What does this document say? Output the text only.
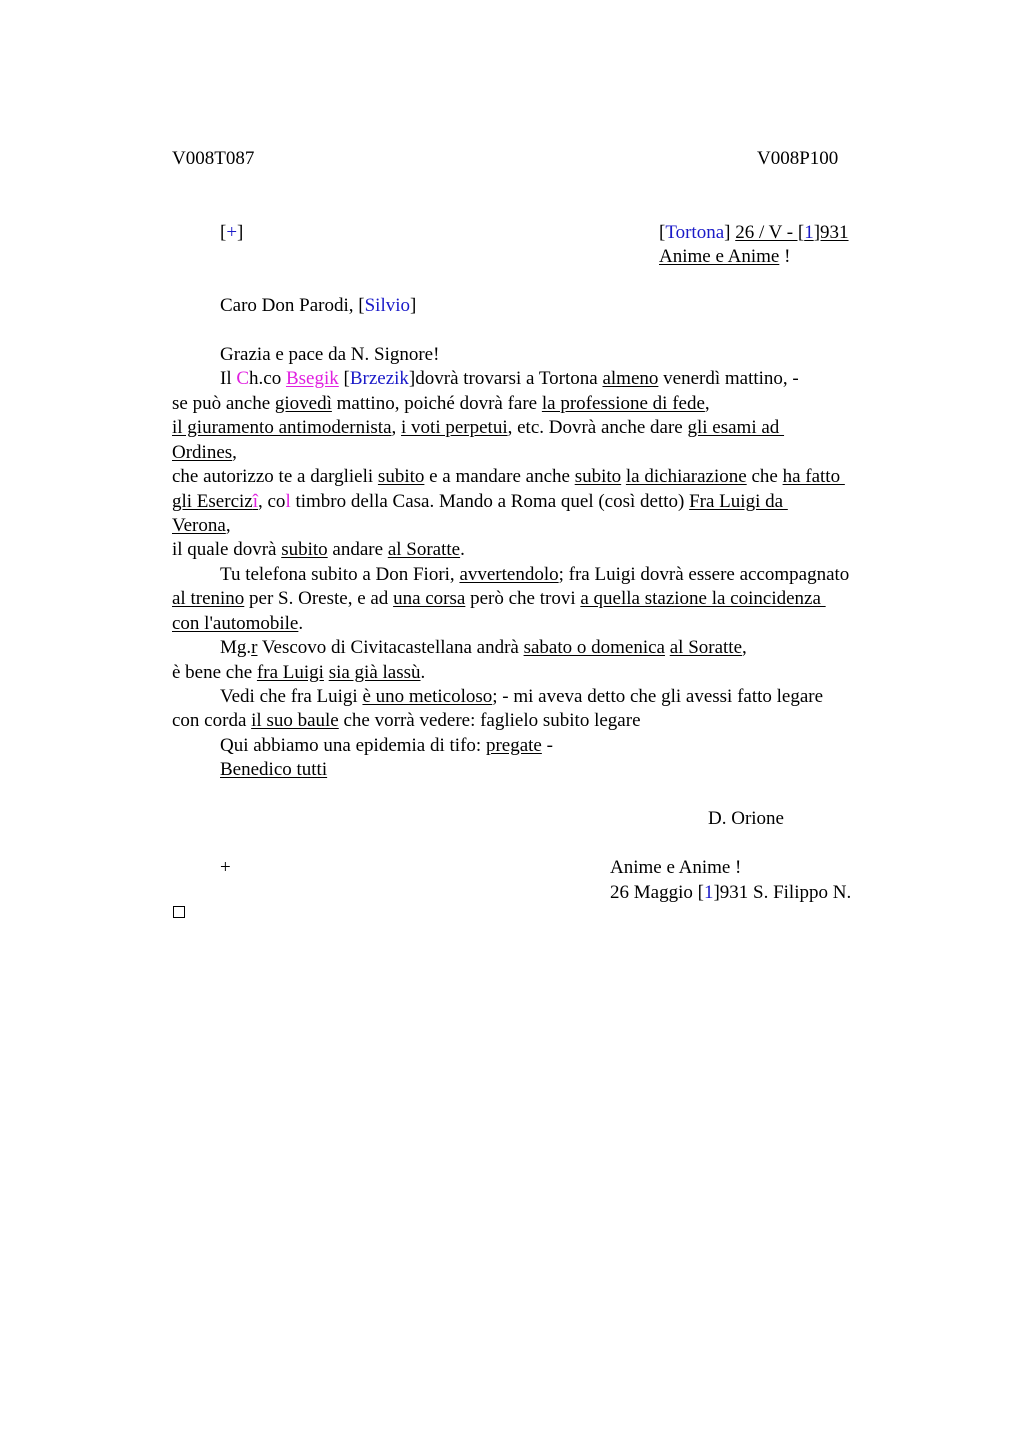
V008T087	V008P100
[+]	[Tortona] 26 / V - [1]931
Anime e Anime !
Caro Don Parodi, [Silvio]
Grazia e pace da N. Signore!
Il Ch.co Bsegik [Brzezik]dovrà trovarsi a Tortona almeno venerdì mattino, -
se può anche giovedì mattino, poiché dovrà fare la professione di fede,
il giuramento antimodernista, i voti perpetui, etc. Dovrà anche dare gli esami ad
Ordines,
che autorizzo te a darglieli subito e a mandare anche subito la dichiarazione che ha fatto
gli Esercizî, col timbro della Casa. Mando a Roma quel (così detto) Fra Luigi da
Verona,
il quale dovrà subito andare al Soratte.
Tu telefona subito a Don Fiori, avvertendolo; fra Luigi dovrà essere accompagnato
al trenino per S. Oreste, e ad una corsa però che trovi a quella stazione la coincidenza
con l'automobile.
Mg.r Vescovo di Civitacastellana andrà sabato o domenica al Soratte,
è bene che fra Luigi sia già lassù.
Vedi che fra Luigi è uno meticoloso; - mi aveva detto che gli avessi fatto legare
con corda il suo baule che vorrà vedere: faglielo subito legare
Qui abbiamo una epidemia di tifo: pregate -
Benedico tutti
D. Orione
+	Anime e Anime !
26 Maggio [1]931 S. Filippo N.
